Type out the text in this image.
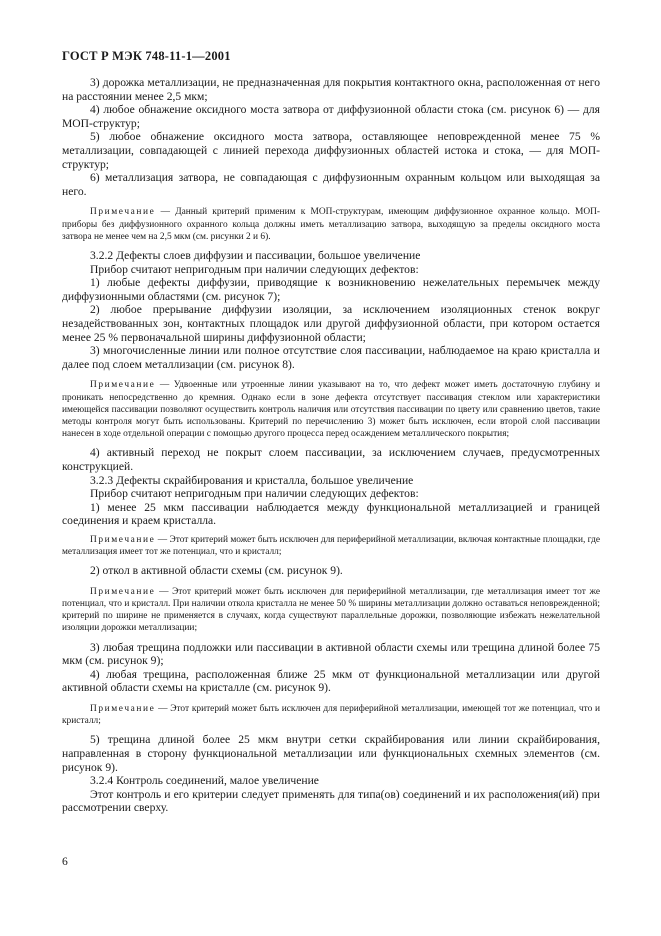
ГОСТ Р МЭК 748-11-1—2001

3) дорожка металлизации, не предназначенная для покрытия контактного окна, расположенная от него на расстоянии менее 2,5 мкм;

4) любое обнажение оксидного моста затвора от диффузионной области стока (см. рисунок 6) — для МОП-структур;

5) любое обнажение оксидного моста затвора, оставляющее неповрежденной менее 75 % металлизации, совпадающей с линией перехода диффузионных областей истока и стока, — для МОП-структур;

6) металлизация затвора, не совпадающая с диффузионным охранным кольцом или выходящая за него.

Примечание — Данный критерий применим к МОП-структурам, имеющим диффузионное охранное кольцо. МОП-приборы без диффузионного охранного кольца должны иметь металлизацию затвора, выходящую за пределы оксидного моста затвора не менее чем на 2,5 мкм (см. рисунки 2 и 6).

3.2.2 Дефекты слоев диффузии и пассивации, большое увеличение

Прибор считают непригодным при наличии следующих дефектов:

1) любые дефекты диффузии, приводящие к возникновению нежелательных перемычек между диффузионными областями (см. рисунок 7);

2) любое прерывание диффузии изоляции, за исключением изоляционных стенок вокруг незадействованных зон, контактных площадок или другой диффузионной области, при котором остается менее 25 % первоначальной ширины диффузионной области;

3) многочисленные линии или полное отсутствие слоя пассивации, наблюдаемое на краю кристалла и далее под слоем металлизации (см. рисунок 8).

Примечание — Удвоенные или утроенные линии указывают на то, что дефект может иметь достаточную глубину и проникать непосредственно до кремния. Однако если в зоне дефекта отсутствует пассивация стеклом или характеристики имеющейся пассивации позволяют осуществить контроль наличия или отсутствия пассивации по цвету или сравнению цветов, такие методы контроля могут быть использованы. Критерий по перечислению 3) может быть исключен, если второй слой пассивации нанесен в ходе отдельной операции с помощью другого процесса перед осаждением металлического покрытия;

4) активный переход не покрыт слоем пассивации, за исключением случаев, предусмотренных конструкцией.

3.2.3 Дефекты скрайбирования и кристалла, большое увеличение

Прибор считают непригодным при наличии следующих дефектов:

1) менее 25 мкм пассивации наблюдается между функциональной металлизацией и границей соединения и краем кристалла.

Примечание — Этот критерий может быть исключен для периферийной металлизации, включая контактные площадки, где металлизация имеет тот же потенциал, что и кристалл;

2) откол в активной области схемы (см. рисунок 9).

Примечание — Этот критерий может быть исключен для периферийной металлизации, где металлизация имеет тот же потенциал, что и кристалл. При наличии откола кристалла не менее 50 % ширины металлизации должно оставаться неповрежденной; критерий по ширине не применяется в случаях, когда существуют параллельные дорожки, позволяющие избежать нежелательной изоляции дорожки металлизации;

3) любая трещина подложки или пассивации в активной области схемы или трещина длиной более 75 мкм (см. рисунок 9);

4) любая трещина, расположенная ближе 25 мкм от функциональной металлизации или другой активной области схемы на кристалле (см. рисунок 9).

Примечание — Этот критерий может быть исключен для периферийной металлизации, имеющей тот же потенциал, что и кристалл;

5) трещина длиной более 25 мкм внутри сетки скрайбирования или линии скрайбирования, направленная в сторону функциональной металлизации или функциональных схемных элементов (см. рисунок 9).

3.2.4 Контроль соединений, малое увеличение

Этот контроль и его критерии следует применять для типа(ов) соединений и их расположения(ий) при рассмотрении сверху.

6
